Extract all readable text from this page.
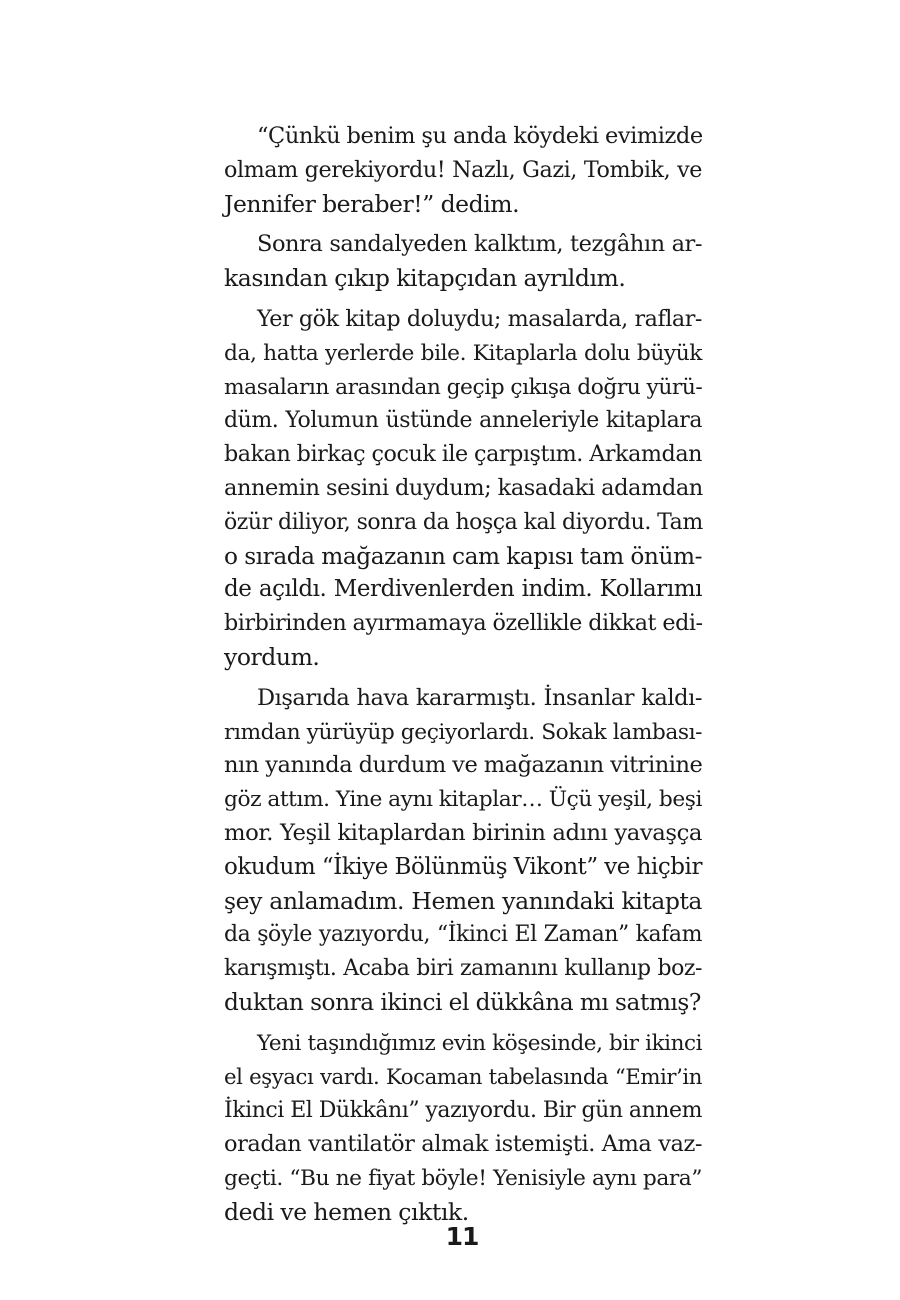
“Çünkü benim şu anda köydeki evimizde
olmam gerekiyordu! Nazlı, Gazi, Tombik, ve
Jennifer beraber!” dedim.

Sonra sandalyeden kalktım, tezgâhın ar-
kasından çıkıp kitapçıdan ayrıldım.

Yer gök kitap doluydu; masalarda, raflar-
da, hatta yerlerde bile. Kitaplarla dolu büyük
masaların arasından geçip çıkışa doğru yürü-
düm. Yolumun üstünde anneleriyle kitaplara
bakan birkaç çocuk ile çarpıştım. Arkamdan
annemin sesini duydum; kasadaki adamdan
özür diliyor, sonra da hoşça kal diyordu. Tam
o sırada mağazanın cam kapısı tam önüm-
de açıldı. Merdivenlerden indim. Kollarımı
birbirinden ayırmamaya özellikle dikkat edi-
yordum.

Dışarıda hava kararmıştı. İnsanlar kaldı-
rımdan yürüyüp geçiyorlardı. Sokak lambası-
nın yanında durdum ve mağazanın vitrinine
göz attım. Yine aynı kitaplar… Üçü yeşil, beşi
mor. Yeşil kitaplardan birinin adını yavaşça
okudum “İkiye Bölünmüş Vikont” ve hiçbir
şey anlamadım. Hemen yanındaki kitapta
da şöyle yazıyordu, “İkinci El Zaman” kafam
karışmıştı. Acaba biri zamanını kullanıp boz-
duktan sonra ikinci el dükkâna mı satmış?

Yeni taşındığımız evin köşesinde, bir ikinci
el eşyacı vardı. Kocaman tabelasında “Emir’in
İkinci El Dükkânı” yazıyordu. Bir gün annem
oradan vantilatör almak istemişti. Ama vaz-
geçti. “Bu ne fiyat böyle! Yenisiyle aynı para”
dedi ve hemen çıktık.

11
